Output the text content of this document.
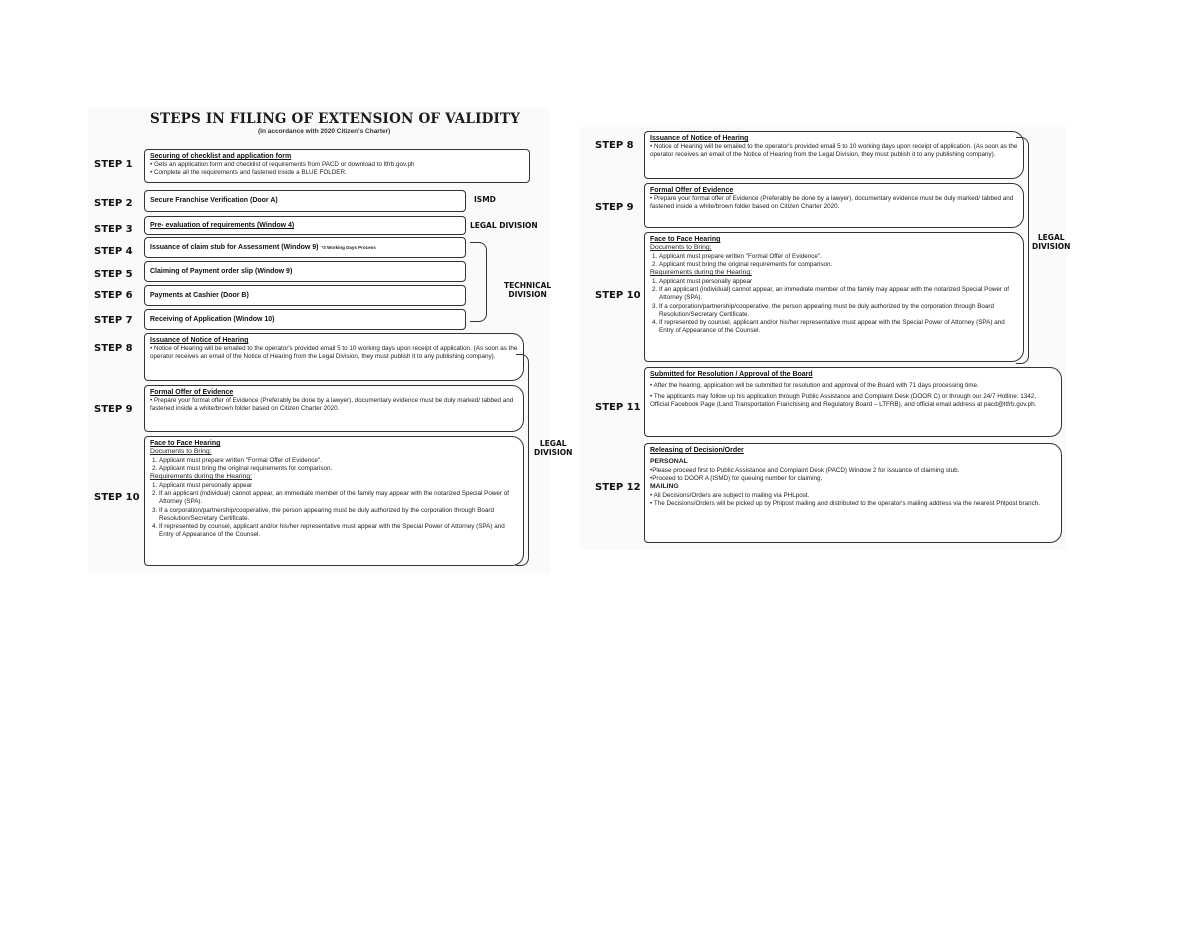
STEPS IN FILING OF EXTENSION OF VALIDITY
(In accordance with 2020 Citizen's Charter)
STEP 1
Securing of checklist and application form
• Gets an application form and checklist of requirements from PACD or download to ltfrb.gov.ph
• Complete all the requirements and fastened inside a BLUE FOLDER.
STEP 2 Secure Franchise Verification (Door A)	ISMD
STEP 3 Pre- evaluation of requirements (Window 4)	LEGAL DIVISION
STEP 4 Issuance of claim stub for Assessment (Window 9) *3 Working Days Process
STEP 5 Claiming of Payment order slip (Window 9)
STEP 6 Payments at Cashier (Door B)
TECHNICAL
DIVISION
STEP 7 Receiving of Application (Window 10)
STEP 8
Issuance of Notice of Hearing
• Notice of Hearing will be emailed to the operator's provided email 5 to 10 working days upon receipt of application. (As soon as the operator receives an email of the Notice of Hearing from the Legal Division, they must publish it to any publishing company).
STEP 9
Formal Offer of Evidence
• Prepare your formal offer of Evidence (Preferably be done by a lawyer), documentary evidence must be duly marked/ tabbed and fastened inside a white/brown folder based on Citizen Charter 2020.
STEP 10
Face to Face Hearing
Documents to Bring:
1. Applicant must prepare written "Formal Offer of Evidence".
2. Applicant must bring the original requirements for comparison.
Requirements during the Hearing:
1. Applicant must personally appear
2. If an applicant (individual) cannot appear, an immediate member of the family may appear with the notarized Special Power of Attorney (SPA).
3. If a corporation/partnership/cooperative, the person appearing must be duly authorized by the corporation through Board Resolution/Secretary Certificate.
4. If represented by counsel, applicant and/or his/her representative must appear with the Special Power of Attorney (SPA) and Entry of Appearance of the Counsel.
LEGAL
DIVISION
STEP 8
Issuance of Notice of Hearing
• Notice of Hearing will be emailed to the operator's provided email 5 to 10 working days upon receipt of application. (As soon as the operator receives an email of the Notice of Hearing from the Legal Division, they must publish it to any publishing company).
STEP 9
Formal Offer of Evidence
• Prepare your formal offer of Evidence (Preferably be done by a lawyer), documentary evidence must be duly marked/ tabbed and fastened inside a white/brown folder based on Citizen Charter 2020.
STEP 10
Face to Face Hearing
Documents to Bring:
1. Applicant must prepare written "Formal Offer of Evidence".
2. Applicant must bring the original requirements for comparison.
Requirements during the Hearing:
1. Applicant must personally appear
2. If an applicant (individual) cannot appear, an immediate member of the family may appear with the notarized Special Power of Attorney (SPA).
3. If a corporation/partnership/cooperative, the person appearing must be duly authorized by the corporation through Board Resolution/Secretary Certificate.
4. If represented by counsel, applicant and/or his/her representative must appear with the Special Power of Attorney (SPA) and Entry of Appearance of the Counsel.
LEGAL
DIVISION
STEP 11
Submitted for Resolution / Approval of the Board
• After the hearing, application will be submitted for resolution and approval of the Board with 71 days processing time.
• The applicants may follow up his application through Public Assistance and Complaint Desk (DOOR C) or through our 24/7 Hotline: 1342, Official Facebook Page (Land Transportation Franchising and Regulatory Board – LTFRB), and official email address at pacd@ltfrb.gov.ph.
STEP 12
Releasing of Decision/Order
PERSONAL
•Please proceed first to Public Assistance and Complaint Desk (PACD) Window 2 for issuance of claiming stub.
•Proceed to DOOR A (ISMD) for queuing number for claiming.
MAILING
• All Decisions/Orders are subject to mailing via PHLpost.
• The Decisions/Orders will be picked up by Phlpost mailing and distributed to the operator's mailing address via the nearest Phlpost branch.
